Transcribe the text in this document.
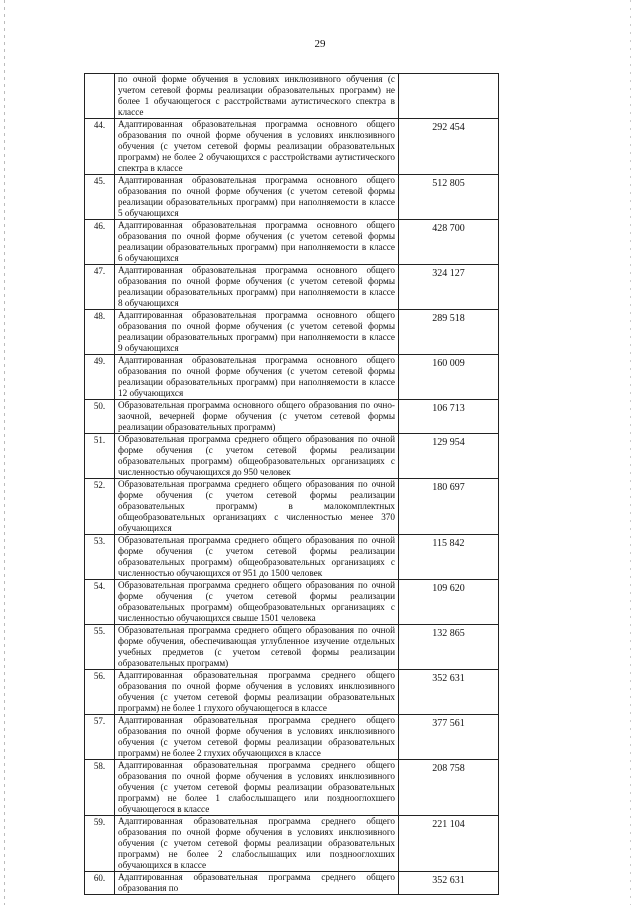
29
	по очной форме обучения в условиях инклюзивного обучения (с учетом сетевой формы реализации образовательных программ) не более 1 обучающегося с расстройствами аутистического спектра в классе	
44.	Адаптированная образовательная программа основного общего образования по очной форме обучения в условиях инклюзивного обучения (с учетом сетевой формы реализации образовательных программ) не более 2 обучающихся с расстройствами аутистического спектра в классе	292 454
45.	Адаптированная образовательная программа основного общего образования по очной форме обучения (с учетом сетевой формы реализации образовательных программ) при наполняемости в классе 5 обучающихся	512 805
46.	Адаптированная образовательная программа основного общего образования по очной форме обучения (с учетом сетевой формы реализации образовательных программ) при наполняемости в классе 6 обучающихся	428 700
47.	Адаптированная образовательная программа основного общего образования по очной форме обучения (с учетом сетевой формы реализации образовательных программ) при наполняемости в классе 8 обучающихся	324 127
48.	Адаптированная образовательная программа основного общего образования по очной форме обучения (с учетом сетевой формы реализации образовательных программ) при наполняемости в классе 9 обучающихся	289 518
49.	Адаптированная образовательная программа основного общего образования по очной форме обучения (с учетом сетевой формы реализации образовательных программ) при наполняемости в классе 12 обучающихся	160 009
50.	Образовательная программа основного общего образования по очно-заочной, вечерней форме обучения (с учетом сетевой формы реализации образовательных программ)	106 713
51.	Образовательная программа среднего общего образования по очной форме обучения (с учетом сетевой формы реализации образовательных программ) общеобразовательных организациях с численностью обучающихся до 950 человек	129 954
52.	Образовательная программа среднего общего образования по очной форме обучения (с учетом сетевой формы реализации образовательных программ) в малокомплектных общеобразовательных организациях с численностью менее 370 обучающихся	180 697
53.	Образовательная программа среднего общего образования по очной форме обучения (с учетом сетевой формы реализации образовательных программ) общеобразовательных организациях с численностью обучающихся от 951 до 1500 человек	115 842
54.	Образовательная программа среднего общего образования по очной форме обучения (с учетом сетевой формы реализации образовательных программ) общеобразовательных организациях с численностью обучающихся свыше 1501 человека	109 620
55.	Образовательная программа среднего общего образования по очной форме обучения, обеспечивающая углубленное изучение отдельных учебных предметов (с учетом сетевой формы реализации образовательных программ)	132 865
56.	Адаптированная образовательная программа среднего общего образования по очной форме обучения в условиях инклюзивного обучения (с учетом сетевой формы реализации образовательных программ) не более 1 глухого обучающегося в классе	352 631
57.	Адаптированная образовательная программа среднего общего образования по очной форме обучения в условиях инклюзивного обучения (с учетом сетевой формы реализации образовательных программ) не более 2 глухих обучающихся в классе	377 561
58.	Адаптированная образовательная программа среднего общего образования по очной форме обучения в условиях инклюзивного обучения (с учетом сетевой формы реализации образовательных программ) не более 1 слабослышащего или позднооглохшего обучающегося в классе	208 758
59.	Адаптированная образовательная программа среднего общего образования по очной форме обучения в условиях инклюзивного обучения (с учетом сетевой формы реализации образовательных программ) не более 2 слабослышащих или позднооглохших обучающихся в классе	221 104
60.	Адаптированная образовательная программа среднего общего образования по	352 631
